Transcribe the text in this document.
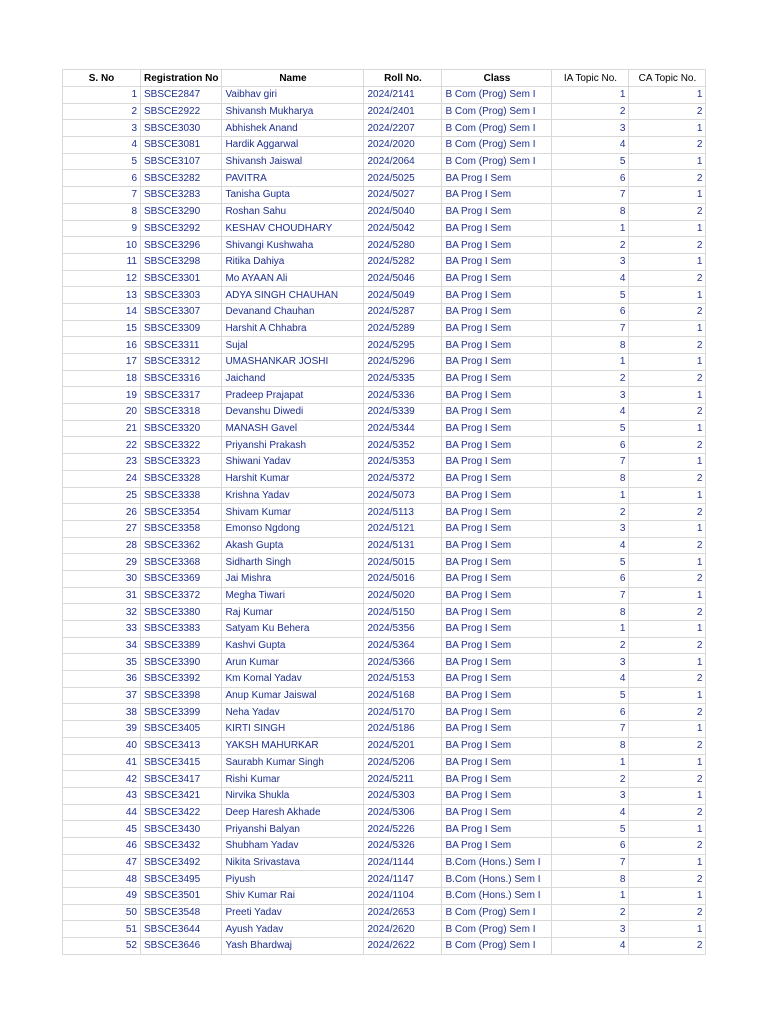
S. No	Registration No	Name	Roll No.	Class	IA Topic No.	CA Topic No.
1	SBSCE2847	Vaibhav giri	2024/2141	B Com (Prog) Sem I	1	1
2	SBSCE2922	Shivansh Mukharya	2024/2401	B Com (Prog) Sem I	2	2
3	SBSCE3030	Abhishek Anand	2024/2207	B Com (Prog) Sem I	3	1
4	SBSCE3081	Hardik Aggarwal	2024/2020	B Com (Prog) Sem I	4	2
5	SBSCE3107	Shivansh Jaiswal	2024/2064	B Com (Prog) Sem I	5	1
6	SBSCE3282	PAVITRA	2024/5025	BA Prog I Sem	6	2
7	SBSCE3283	Tanisha Gupta	2024/5027	BA Prog I Sem	7	1
8	SBSCE3290	Roshan Sahu	2024/5040	BA Prog I Sem	8	2
9	SBSCE3292	KESHAV CHOUDHARY	2024/5042	BA Prog I Sem	1	1
10	SBSCE3296	Shivangi Kushwaha	2024/5280	BA Prog I Sem	2	2
11	SBSCE3298	Ritika Dahiya	2024/5282	BA Prog I Sem	3	1
12	SBSCE3301	Mo AYAAN Ali	2024/5046	BA Prog I Sem	4	2
13	SBSCE3303	ADYA SINGH CHAUHAN	2024/5049	BA Prog I Sem	5	1
14	SBSCE3307	Devanand Chauhan	2024/5287	BA Prog I Sem	6	2
15	SBSCE3309	Harshit A Chhabra	2024/5289	BA Prog I Sem	7	1
16	SBSCE3311	Sujal	2024/5295	BA Prog I Sem	8	2
17	SBSCE3312	UMASHANKAR JOSHI	2024/5296	BA Prog I Sem	1	1
18	SBSCE3316	Jaichand	2024/5335	BA Prog I Sem	2	2
19	SBSCE3317	Pradeep Prajapat	2024/5336	BA Prog I Sem	3	1
20	SBSCE3318	Devanshu Diwedi	2024/5339	BA Prog I Sem	4	2
21	SBSCE3320	MANASH Gavel	2024/5344	BA Prog I Sem	5	1
22	SBSCE3322	Priyanshi Prakash	2024/5352	BA Prog I Sem	6	2
23	SBSCE3323	Shiwani Yadav	2024/5353	BA Prog I Sem	7	1
24	SBSCE3328	Harshit Kumar	2024/5372	BA Prog I Sem	8	2
25	SBSCE3338	Krishna Yadav	2024/5073	BA Prog I Sem	1	1
26	SBSCE3354	Shivam Kumar	2024/5113	BA Prog I Sem	2	2
27	SBSCE3358	Emonso Ngdong	2024/5121	BA Prog I Sem	3	1
28	SBSCE3362	Akash Gupta	2024/5131	BA Prog I Sem	4	2
29	SBSCE3368	Sidharth Singh	2024/5015	BA Prog I Sem	5	1
30	SBSCE3369	Jai Mishra	2024/5016	BA Prog I Sem	6	2
31	SBSCE3372	Megha Tiwari	2024/5020	BA Prog I Sem	7	1
32	SBSCE3380	Raj Kumar	2024/5150	BA Prog I Sem	8	2
33	SBSCE3383	Satyam Ku Behera	2024/5356	BA Prog I Sem	1	1
34	SBSCE3389	Kashvi Gupta	2024/5364	BA Prog I Sem	2	2
35	SBSCE3390	Arun Kumar	2024/5366	BA Prog I Sem	3	1
36	SBSCE3392	Km Komal Yadav	2024/5153	BA Prog I Sem	4	2
37	SBSCE3398	Anup Kumar Jaiswal	2024/5168	BA Prog I Sem	5	1
38	SBSCE3399	Neha Yadav	2024/5170	BA Prog I Sem	6	2
39	SBSCE3405	KIRTI SINGH	2024/5186	BA Prog I Sem	7	1
40	SBSCE3413	YAKSH MAHURKAR	2024/5201	BA Prog I Sem	8	2
41	SBSCE3415	Saurabh Kumar Singh	2024/5206	BA Prog I Sem	1	1
42	SBSCE3417	Rishi Kumar	2024/5211	BA Prog I Sem	2	2
43	SBSCE3421	Nirvika Shukla	2024/5303	BA Prog I Sem	3	1
44	SBSCE3422	Deep Haresh Akhade	2024/5306	BA Prog I Sem	4	2
45	SBSCE3430	Priyanshi Balyan	2024/5226	BA Prog I Sem	5	1
46	SBSCE3432	Shubham Yadav	2024/5326	BA Prog I Sem	6	2
47	SBSCE3492	Nikita Srivastava	2024/1144	B.Com (Hons.) Sem I	7	1
48	SBSCE3495	Piyush	2024/1147	B.Com (Hons.) Sem I	8	2
49	SBSCE3501	Shiv Kumar Rai	2024/1104	B.Com (Hons.) Sem I	1	1
50	SBSCE3548	Preeti Yadav	2024/2653	B Com (Prog) Sem I	2	2
51	SBSCE3644	Ayush Yadav	2024/2620	B Com (Prog) Sem I	3	1
52	SBSCE3646	Yash Bhardwaj	2024/2622	B Com (Prog) Sem I	4	2
